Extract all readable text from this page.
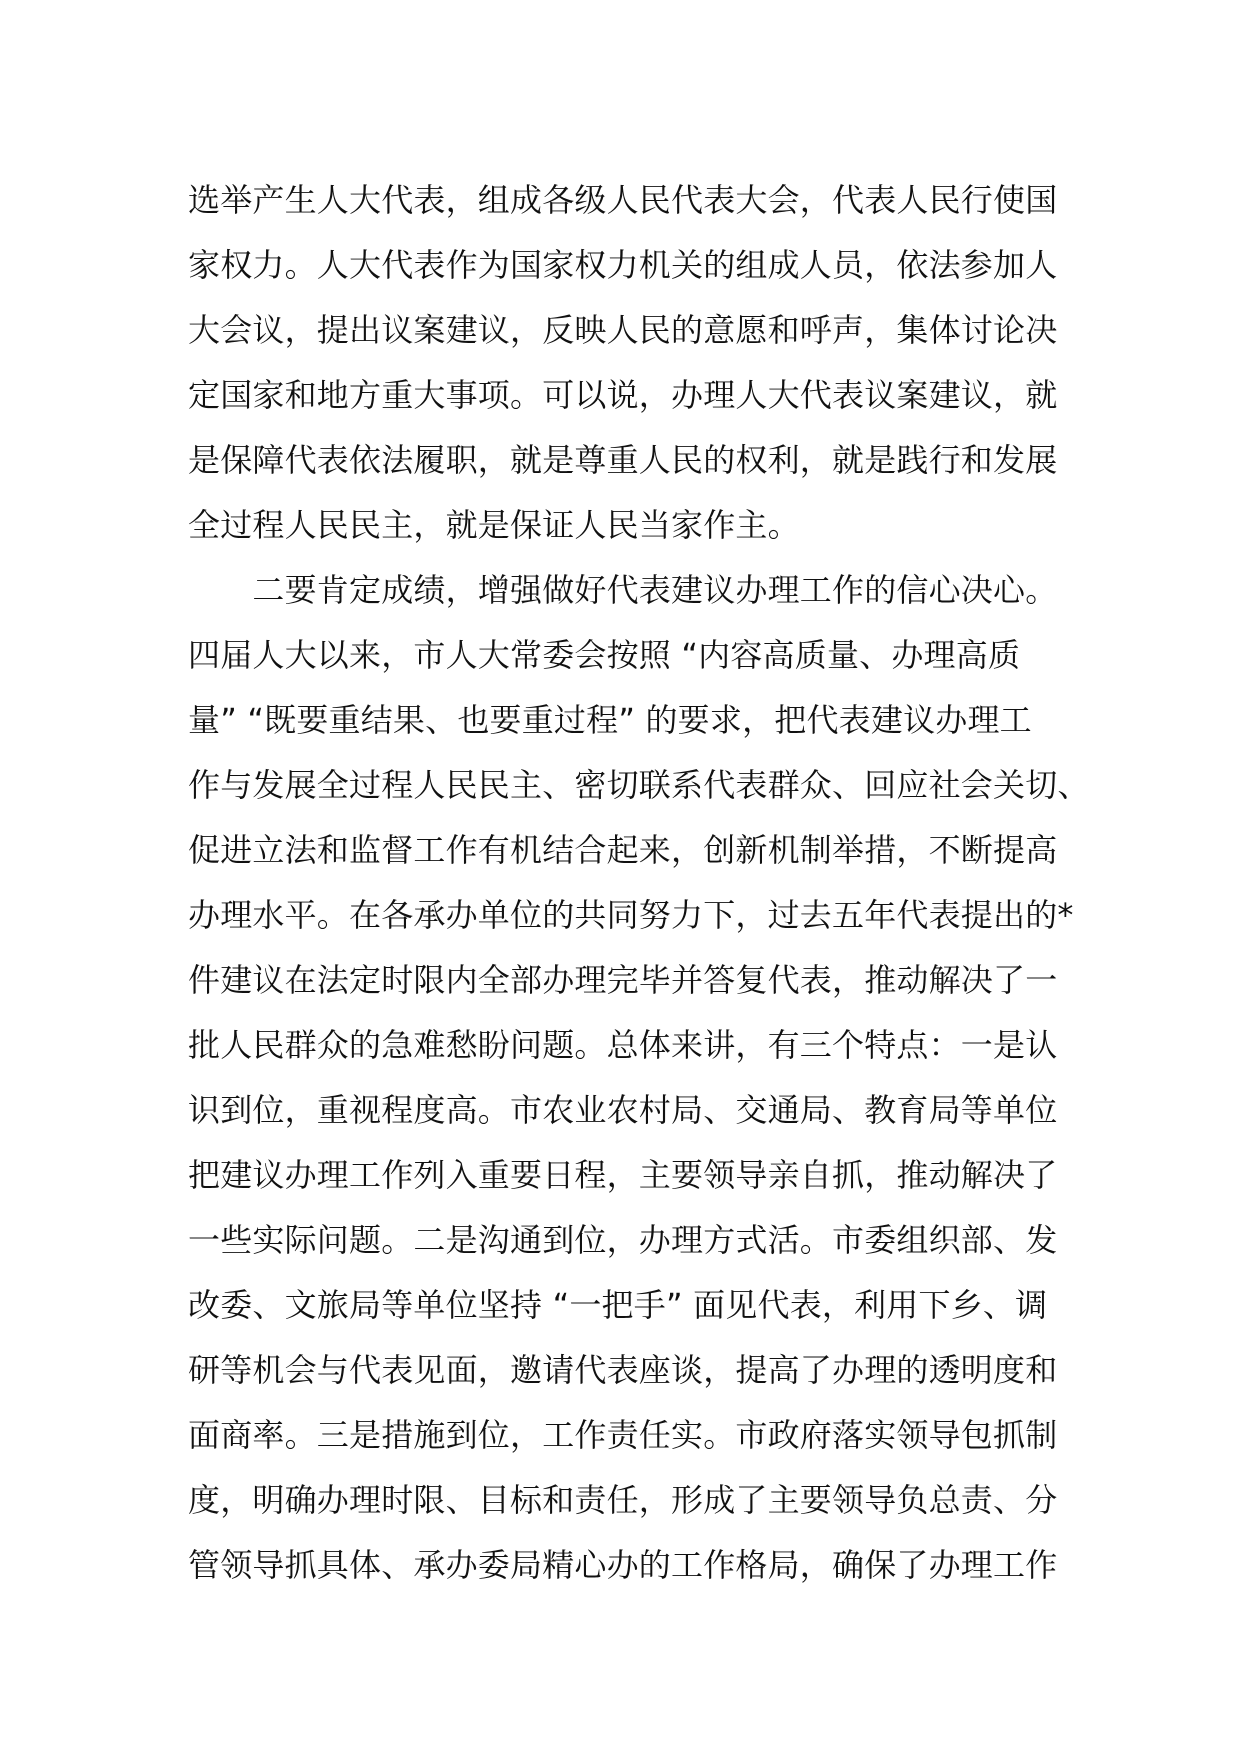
选举产生人大代表，组成各级人民代表大会，代表人民行使国
家权力。人大代表作为国家权力机关的组成人员，依法参加人
大会议，提出议案建议，反映人民的意愿和呼声，集体讨论决
定国家和地方重大事项。可以说，办理人大代表议案建议，就
是保障代表依法履职，就是尊重人民的权利，就是践行和发展
全过程人民民主，就是保证人民当家作主。
　　二要肯定成绩，增强做好代表建议办理工作的信心决心。
四届人大以来，市人大常委会按照 “内容高质量、办理高质
量” “既要重结果、也要重过程” 的要求，把代表建议办理工
作与发展全过程人民民主、密切联系代表群众、回应社会关切、
促进立法和监督工作有机结合起来，创新机制举措，不断提高
办理水平。在各承办单位的共同努力下，过去五年代表提出的*
件建议在法定时限内全部办理完毕并答复代表，推动解决了一
批人民群众的急难愁盼问题。总体来讲，有三个特点：一是认
识到位，重视程度高。市农业农村局、交通局、教育局等单位
把建议办理工作列入重要日程，主要领导亲自抓，推动解决了
一些实际问题。二是沟通到位，办理方式活。市委组织部、发
改委、文旅局等单位坚持 “一把手” 面见代表，利用下乡、调
研等机会与代表见面，邀请代表座谈，提高了办理的透明度和
面商率。三是措施到位，工作责任实。市政府落实领导包抓制
度，明确办理时限、目标和责任，形成了主要领导负总责、分
管领导抓具体、承办委局精心办的工作格局，确保了办理工作
